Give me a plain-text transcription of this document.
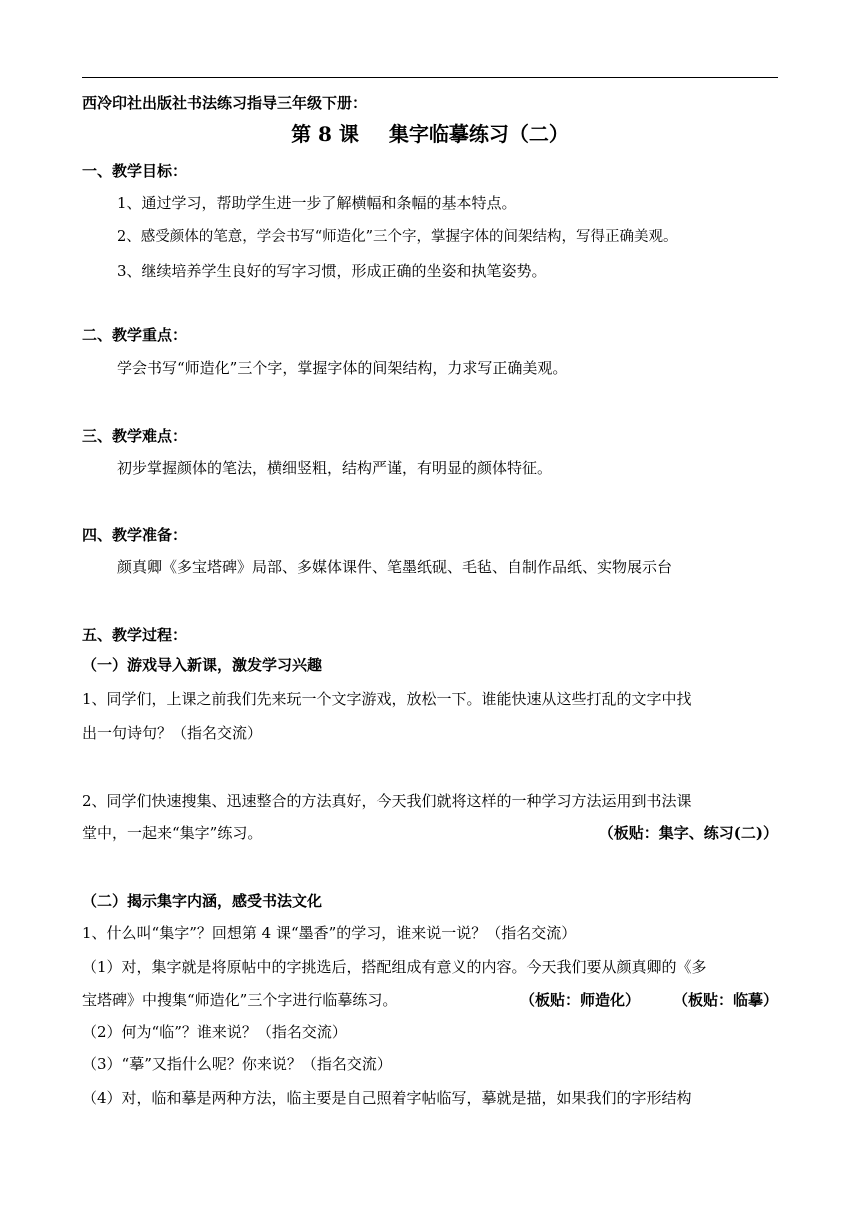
西冷印社出版社书法练习指导三年级下册：
第 8 课 集字临摹练习（二）
一、教学目标：
1、通过学习，帮助学生进一步了解横幅和条幅的基本特点。
2、感受颜体的笔意，学会书写“师造化”三个字，掌握字体的间架结构，写得正确美观。
3、继续培养学生良好的写字习惯，形成正确的坐姿和执笔姿势。
二、教学重点：
学会书写“师造化”三个字，掌握字体的间架结构，力求写正确美观。
三、教学难点：
初步掌握颜体的笔法，横细竖粗，结构严谨，有明显的颜体特征。
四、教学准备：
颜真卿《多宝塔碑》局部、多媒体课件、笔墨纸砚、毛毡、自制作品纸、实物展示台
五、教学过程：
（一）游戏导入新课，激发学习兴趣
1、同学们，上课之前我们先来玩一个文字游戏，放松一下。谁能快速从这些打乱的文字中找
出一句诗句？（指名交流）
2、同学们快速搜集、迅速整合的方法真好，今天我们就将这样的一种学习方法运用到书法课
堂中，一起来“集字”练习。	（板贴：集字、练习(二)）
（二）揭示集字内涵，感受书法文化
1、什么叫“集字”？回想第 4 课“墨香”的学习，谁来说一说？（指名交流）
（1）对，集字就是将原帖中的字挑选后，搭配组成有意义的内容。今天我们要从颜真卿的《多
宝塔碑》中搜集“师造化”三个字进行临摹练习。	（板贴：师造化） （板贴：临摹）
（2）何为“临”？谁来说？（指名交流）
（3）“摹”又指什么呢？你来说？（指名交流）
（4）对，临和摹是两种方法，临主要是自己照着字帖临写，摹就是描，如果我们的字形结构
